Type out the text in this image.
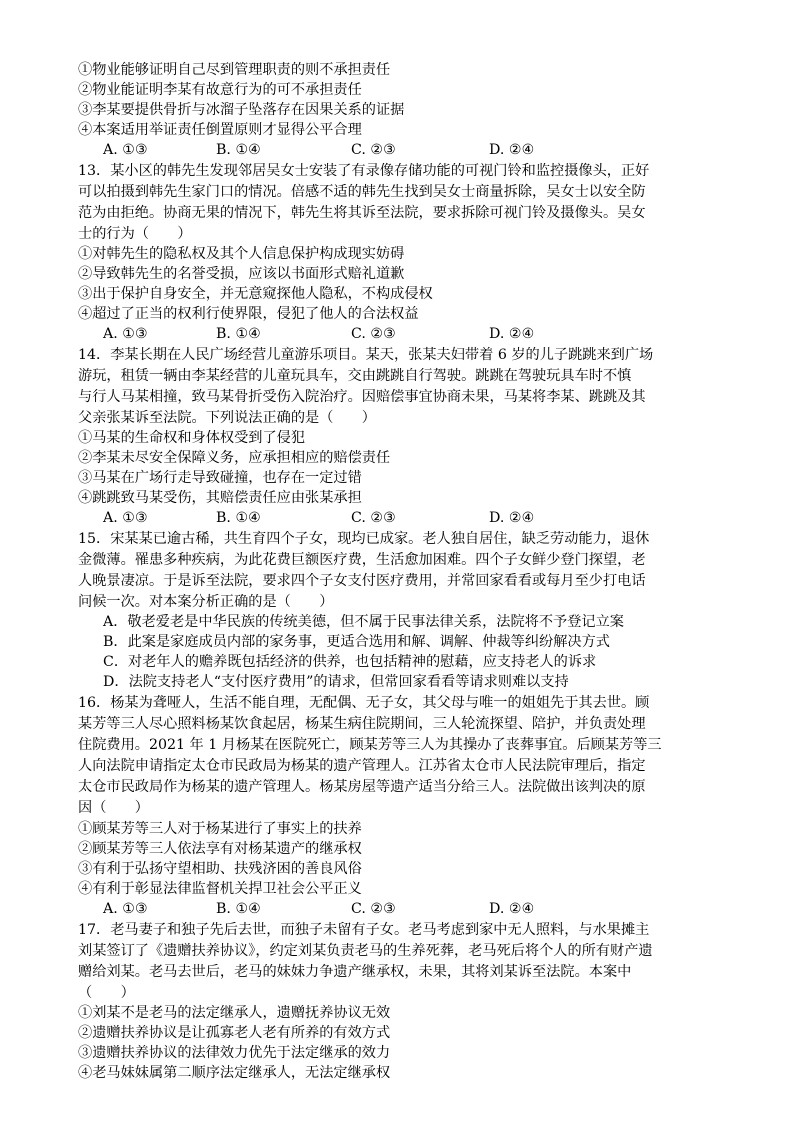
①物业能够证明自己尽到管理职责的则不承担责任
②物业能证明李某有故意行为的可不承担责任
③李某要提供骨折与冰溜子坠落存在因果关系的证据
④本案适用举证责任倒置原则才显得公平合理
A. ①③	B. ①④	C. ②③	D. ②④
13．某小区的韩先生发现邻居吴女士安装了有录像存储功能的可视门铃和监控摄像头，正好
可以拍摄到韩先生家门口的情况。倍感不适的韩先生找到吴女士商量拆除，吴女士以安全防
范为由拒绝。协商无果的情况下，韩先生将其诉至法院，要求拆除可视门铃及摄像头。吴女
士的行为（　　）
①对韩先生的隐私权及其个人信息保护构成现实妨碍
②导致韩先生的名誉受损，应该以书面形式赔礼道歉
③出于保护自身安全，并无意窥探他人隐私，不构成侵权
④超过了正当的权利行使界限，侵犯了他人的合法权益
A. ①③	B. ①④	C. ②③	D. ②④
14．李某长期在人民广场经营儿童游乐项目。某天，张某夫妇带着 6 岁的儿子跳跳来到广场
游玩，租赁一辆由李某经营的儿童玩具车，交由跳跳自行驾驶。跳跳在驾驶玩具车时不慎
与行人马某相撞，致马某骨折受伤入院治疗。因赔偿事宜协商未果，马某将李某、跳跳及其
父亲张某诉至法院。下列说法正确的是（　　）
①马某的生命权和身体权受到了侵犯
②李某未尽安全保障义务，应承担相应的赔偿责任
③马某在广场行走导致碰撞，也存在一定过错
④跳跳致马某受伤，其赔偿责任应由张某承担
A. ①③	B. ①④	C. ②③	D. ②④
15．宋某某已逾古稀，共生育四个子女，现均已成家。老人独自居住，缺乏劳动能力，退休
金微薄。罹患多种疾病，为此花费巨额医疗费，生活愈加困难。四个子女鲜少登门探望，老
人晚景凄凉。于是诉至法院，要求四个子女支付医疗费用，并常回家看看或每月至少打电话
问候一次。对本案分析正确的是（　　）
A．敬老爱老是中华民族的传统美德，但不属于民事法律关系，法院将不予登记立案
B．此案是家庭成员内部的家务事，更适合选用和解、调解、仲裁等纠纷解决方式
C．对老年人的赡养既包括经济的供养，也包括精神的慰藉，应支持老人的诉求
D．法院支持老人“支付医疗费用”的请求，但常回家看看等请求则难以支持
16．杨某为聋哑人，生活不能自理，无配偶、无子女，其父母与唯一的姐姐先于其去世。顾
某芳等三人尽心照料杨某饮食起居，杨某生病住院期间，三人轮流探望、陪护，并负责处理
住院费用。2021 年 1 月杨某在医院死亡，顾某芳等三人为其操办了丧葬事宜。后顾某芳等三
人向法院申请指定太仓市民政局为杨某的遗产管理人。江苏省太仓市人民法院审理后，指定
太仓市民政局作为杨某的遗产管理人。杨某房屋等遗产适当分给三人。法院做出该判决的原
因（　　）
①顾某芳等三人对于杨某进行了事实上的扶养
②顾某芳等三人依法享有对杨某遗产的继承权
③有利于弘扬守望相助、扶残济困的善良风俗
④有利于彰显法律监督机关捍卫社会公平正义
A. ①③	B. ①④	C. ②③	D. ②④
17．老马妻子和独子先后去世，而独子未留有子女。老马考虑到家中无人照料，与水果摊主
刘某签订了《遗赠扶养协议》，约定刘某负责老马的生养死葬，老马死后将个人的所有财产遗
赠给刘某。老马去世后，老马的妹妹力争遗产继承权，未果，其将刘某诉至法院。本案中
（　　）
①刘某不是老马的法定继承人，遗赠抚养协议无效
②遗赠扶养协议是让孤寡老人老有所养的有效方式
③遗赠扶养协议的法律效力优先于法定继承的效力
④老马妹妹属第二顺序法定继承人，无法定继承权
